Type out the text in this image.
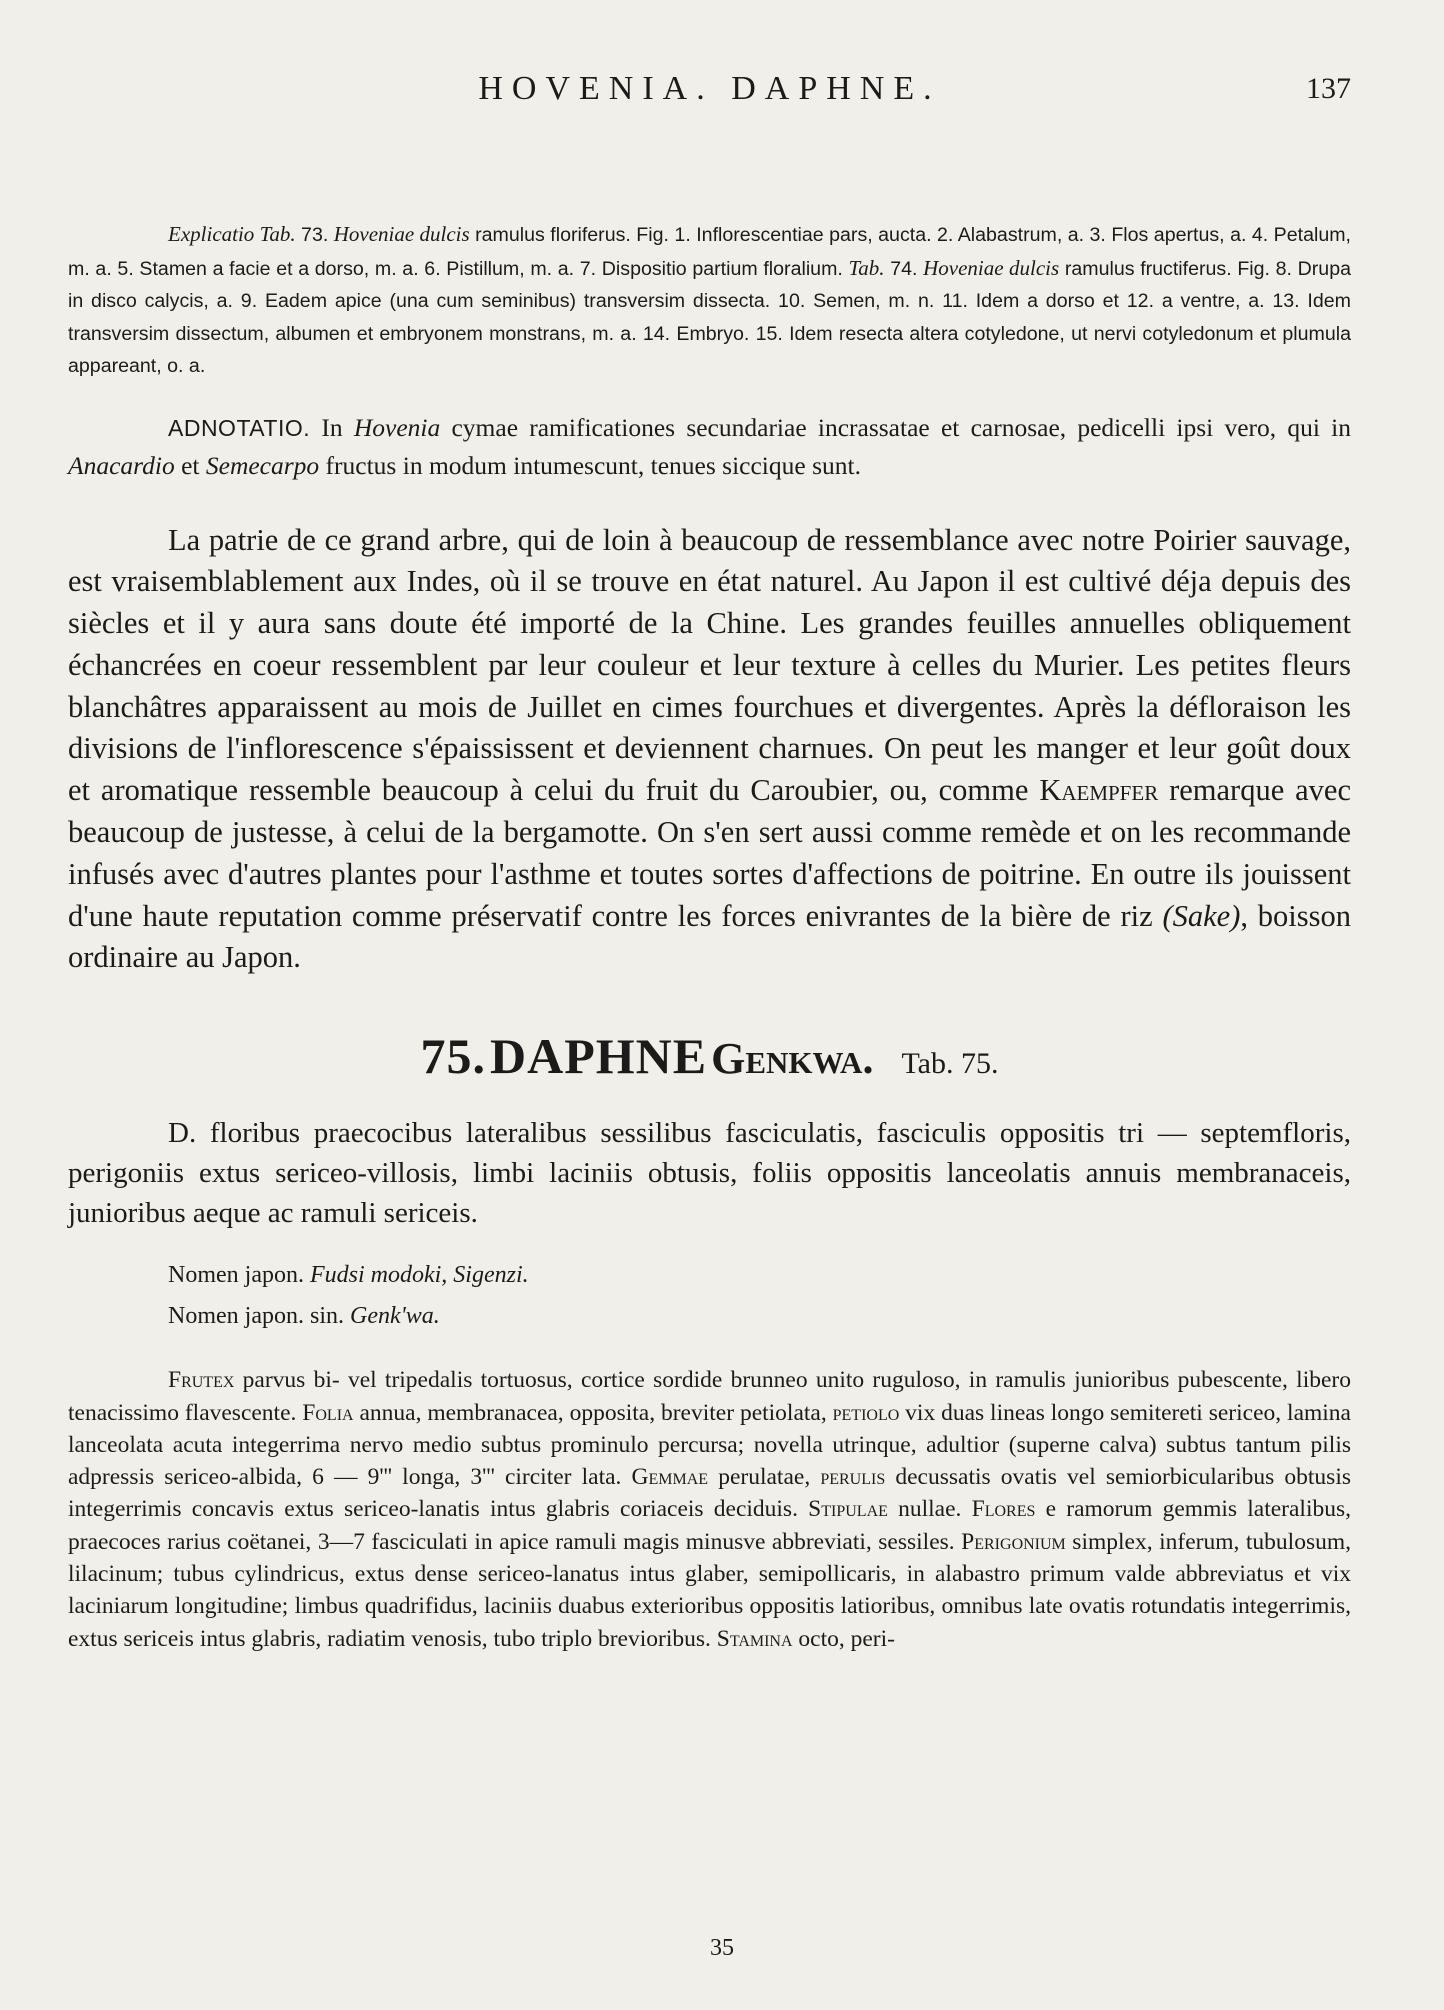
HOVENIA. DAPHNE.	137

Explicatio Tab. 73. Hoveniae dulcis ramulus floriferus. Fig. 1. Inflorescentiae pars, aucta. 2. Alabastrum, a. 3. Flos apertus, a. 4. Petalum, m. a. 5. Stamen a facie et a dorso, m. a. 6. Pistillum, m. a. 7. Dispositio partium floralium. Tab. 74. Hoveniae dulcis ramulus fructiferus. Fig. 8. Drupa in disco calycis, a. 9. Eadem apice (una cum seminibus) transversim dissecta. 10. Semen, m. n. 11. Idem a dorso et 12. a ventre, a. 13. Idem transversim dissectum, albumen et embryonem monstrans, m. a. 14. Embryo. 15. Idem resecta altera cotyledone, ut nervi cotyledonum et plumula appareant, o. a.

ADNOTATIO. In Hovenia cymae ramificationes secundariae incrassatae et carnosae, pedicelli ipsi vero, qui in Anacardio et Semecarpo fructus in modum intumescunt, tenues siccique sunt.

La patrie de ce grand arbre, qui de loin à beaucoup de ressemblance avec notre Poirier sauvage, est vraisemblablement aux Indes, où il se trouve en état naturel. Au Japon il est cultivé déja depuis des siècles et il y aura sans doute été importé de la Chine. Les grandes feuilles annuelles obliquement échancrées en coeur ressemblent par leur couleur et leur texture à celles du Murier. Les petites fleurs blanchâtres apparaissent au mois de Juillet en cimes fourchues et divergentes. Après la défloraison les divisions de l'inflorescence s'épaississent et deviennent charnues. On peut les manger et leur goût doux et aromatique ressemble beaucoup à celui du fruit du Caroubier, ou, comme Kaempfer remarque avec beaucoup de justesse, à celui de la bergamotte. On s'en sert aussi comme remède et on les recommande infusés avec d'autres plantes pour l'asthme et toutes sortes d'affections de poitrine. En outre ils jouissent d'une haute reputation comme préservatif contre les forces enivrantes de la bière de riz (Sake), boisson ordinaire au Japon.

75. DAPHNE Genkwa. Tab. 75.

D. floribus praecocibus lateralibus sessilibus fasciculatis, fasciculis oppositis tri — septemfloris, perigoniis extus sericeo-villosis, limbi laciniis obtusis, foliis oppositis lanceolatis annuis membranaceis, junioribus aeque ac ramuli sericeis.

Nomen japon. Fudsi modoki, Sigenzi.
Nomen japon. sin. Genk'wa.

Frutex parvus bi- vel tripedalis tortuosus, cortice sordide brunneo unito ruguloso, in ramulis junioribus pubescente, libero tenacissimo flavescente. Folia annua, membranacea, opposita, breviter petiolata, petiolo vix duas lineas longo semitereti sericeo, lamina lanceolata acuta integerrima nervo medio subtus prominulo percursa; novella utrinque, adultior (superne calva) subtus tantum pilis adpressis sericeo-albida, 6 — 9''' longa, 3''' circiter lata. Gemmae perulatae, perulis decussatis ovatis vel semiorbicularibus obtusis integerrimis concavis extus sericeo-lanatis intus glabris coriaceis deciduis. Stipulae nullae. Flores e ramorum gemmis lateralibus, praecoces rarius coëtanei, 3—7 fasciculati in apice ramuli magis minusve abbreviati, sessiles. Perigonium simplex, inferum, tubulosum, lilacinum; tubus cylindricus, extus dense sericeo-lanatus intus glaber, semipollicaris, in alabastro primum valde abbreviatus et vix laciniarum longitudine; limbus quadrifidus, laciniis duabus exterioribus oppositis latioribus, omnibus late ovatis rotundatis integerrimis, extus sericeis intus glabris, radiatim venosis, tubo triplo brevioribus. Stamina octo, peri-

35
